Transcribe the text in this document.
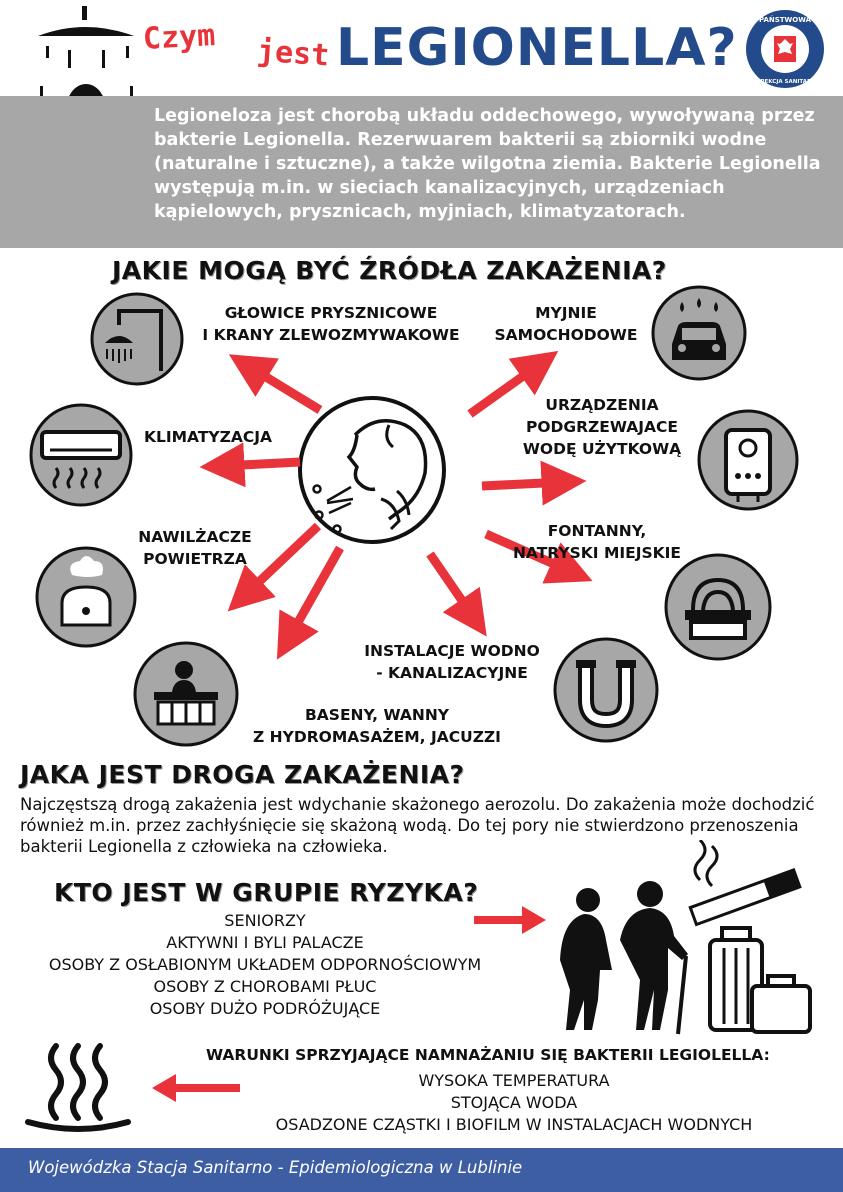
Czym jest LEGIONELLA?	PAŃSTWOWA
INSPEKCJA SANITARNA
Legioneloza jest chorobą układu oddechowego, wywoływaną przez bakterie Legionella. Rezerwuarem bakterii są zbiorniki wodne (naturalne i sztuczne), a także wilgotna ziemia. Bakterie Legionella występują m.in. w sieciach kanalizacyjnych, urządzeniach kąpielowych, prysznicach, myjniach, klimatyzatorach.
JAKIE MOGĄ BYĆ ŹRÓDŁA ZAKAŻENIA?
GŁOWICE PRYSZNICOWE
I KRANY ZLEWOZMYWAKOWE
MYJNIE
SAMOCHODOWE
KLIMATYZACJA
URZĄDZENIA
PODGRZEWAJACE
WODĘ UŻYTKOWĄ
NAWILŻACZE
POWIETRZA
FONTANNY,
NATRYSKI MIEJSKIE
INSTALACJE WODNO
- KANALIZACYJNE
BASENY, WANNY
Z HYDROMASAŻEM, JACUZZI
JAKA JEST DROGA ZAKAŻENIA?
Najczęstszą drogą zakażenia jest wdychanie skażonego aerozolu. Do zakażenia może dochodzić również m.in. przez zachłyśnięcie się skażoną wodą. Do tej pory nie stwierdzono przenoszenia bakterii Legionella z człowieka na człowieka.
KTO JEST W GRUPIE RYZYKA?
SENIORZY
AKTYWNI I BYLI PALACZE
OSOBY Z OSŁABIONYM UKŁADEM ODPORNOŚCIOWYM
OSOBY Z CHOROBAMI PŁUC
OSOBY DUŻO PODRÓŻUJĄCE
WARUNKI SPRZYJAJĄCE NAMNAŻANIU SIĘ BAKTERII LEGIOLELLA:
WYSOKA TEMPERATURA
STOJĄCA WODA
OSADZONE CZĄSTKI I BIOFILM W INSTALACJACH WODNYCH
Wojewódzka Stacja Sanitarno - Epidemiologiczna w Lublinie
